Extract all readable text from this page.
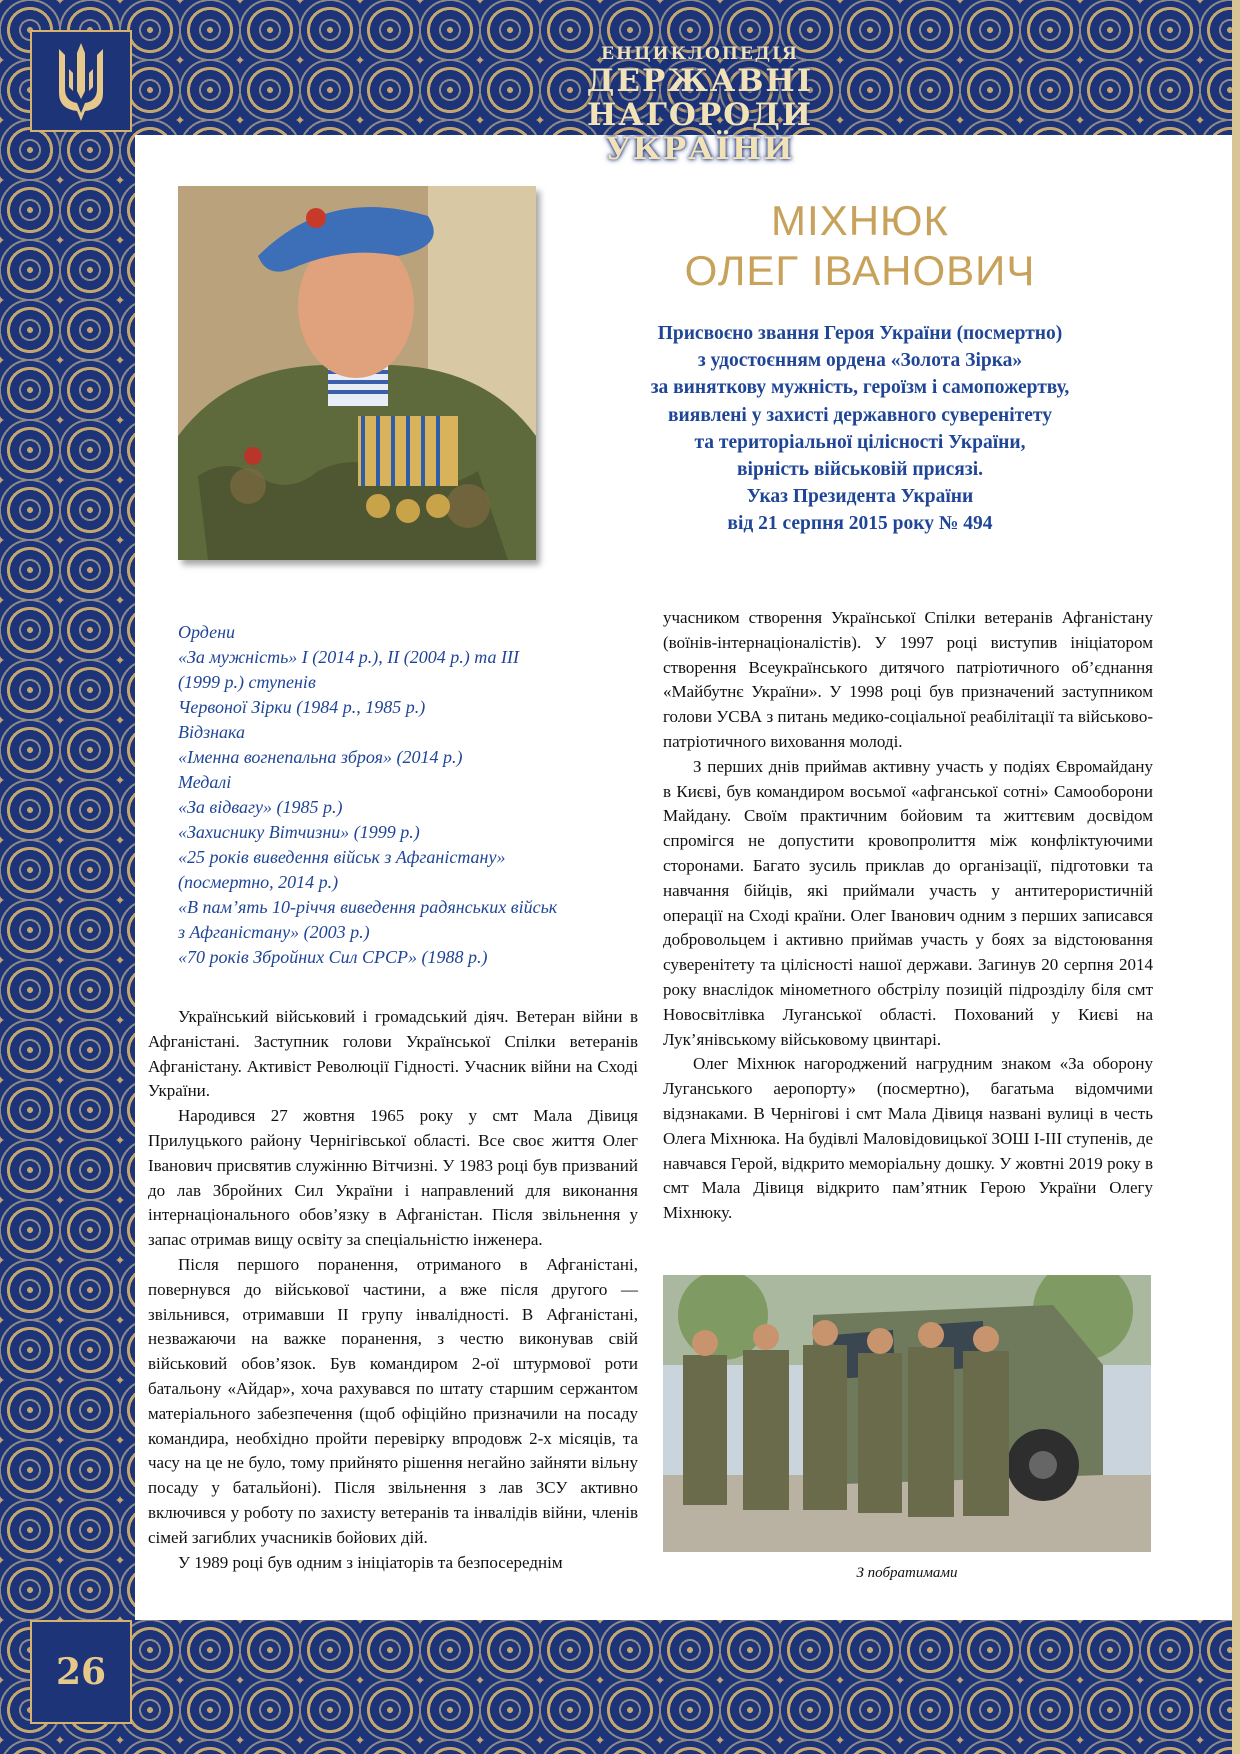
ЕНЦИКЛОПЕДІЯ
ДЕРЖАВНІ НАГОРОДИ
УКРАЇНИ
26
МІХНЮК
ОЛЕГ ІВАНОВИЧ
Присвоєно звання Героя України (посмертно)
з удостоєнням ордена «Золота Зірка»
за виняткову мужність, героїзм і самопожертву,
виявлені у захисті державного суверенітету
та територіальної цілісності України,
вірність військовій присязі.
Указ Президента України
від 21 серпня 2015 року № 494
Ордени
«За мужність» І (2014 р.), ІІ (2004 р.) та ІІІ
(1999 р.) ступенів
Червоної Зірки (1984 р., 1985 р.)
Відзнака
«Іменна вогнепальна зброя» (2014 р.)
Медалі
«За відвагу» (1985 р.)
«Захиснику Вітчизни» (1999 р.)
«25 років виведення військ з Афганістану»
(посмертно, 2014 р.)
«В пам’ять 10-річчя виведення радянських військ
з Афганістану» (2003 р.)
«70 років Збройних Сил СРСР» (1988 р.)

Український військовий і громадський діяч. Ветеран війни в Афганістані. Заступник голови Української Спілки ветеранів Афганістану. Активіст Революції Гідності. Учасник війни на Сході України.

Народився 27 жовтня 1965 року у смт Мала Дівиця Прилуцького району Чернігівської області. Все своє життя Олег Іванович присвятив служінню Вітчизні. У 1983 році був призваний до лав Збройних Сил України і направлений для виконання інтернаціонального обов’язку в Афганістан. Після звільнення у запас отримав вищу освіту за спеціальністю інженера.

Після першого поранення, отриманого в Афганістані, повернувся до військової частини, а вже після другого — звільнився, отримавши ІІ групу інвалідності. В Афганістані, незважаючи на важке поранення, з честю виконував свій військовий обов’язок. Був командиром 2-ої штурмової роти батальону «Айдар», хоча рахувався по штату старшим сержантом матеріального забезпечення (щоб офіційно призначили на посаду командира, необхідно пройти перевірку впродовж 2-х місяців, та часу на це не було, тому прийнято рішення негайно зайняти вільну посаду у батальйоні). Після звільнення з лав ЗСУ активно включився у роботу по захисту ветеранів та інвалідів війни, членів сімей загиблих учасників бойових дій.

У 1989 році був одним з ініціаторів та безпосереднім

учасником створення Української Спілки ветеранів Афганістану (воїнів-інтернаціоналістів). У 1997 році виступив ініціатором створення Всеукраїнського дитячого патріотичного об’єднання «Майбутнє України». У 1998 році був призначений заступником голови УСВА з питань медико-соціальної реабілітації та військово-патріотичного виховання молоді.

З перших днів приймав активну участь у подіях Євромайдану в Києві, був командиром восьмої «афганської сотні» Самооборони Майдану. Своїм практичним бойовим та життєвим досвідом спромігся не допустити кровопролиття між конфліктуючими сторонами. Багато зусиль приклав до організації, підготовки та навчання бійців, які приймали участь у антитерористичній операції на Сході країни. Олег Іванович одним з перших записався добровольцем і активно приймав участь у боях за відстоювання суверенітету та цілісності нашої держави. Загинув 20 серпня 2014 року внаслідок мінометного обстрілу позицій підрозділу біля смт Новосвітлівка Луганської області. Похований у Києві на Лук’янівському військовому цвинтарі.

Олег Міхнюк нагороджений нагрудним знаком «За оборону Луганського аеропорту» (посмертно), багатьма відомчими відзнаками. В Чернігові і смт Мала Дівиця названі вулиці в честь Олега Міхнюка. На будівлі Маловідовицької ЗОШ І-ІІІ ступенів, де навчався Герой, відкрито меморіальну дошку. У жовтні 2019 року в смт Мала Дівиця відкрито пам’ятник Герою України Олегу Міхнюку.

З побратимами
